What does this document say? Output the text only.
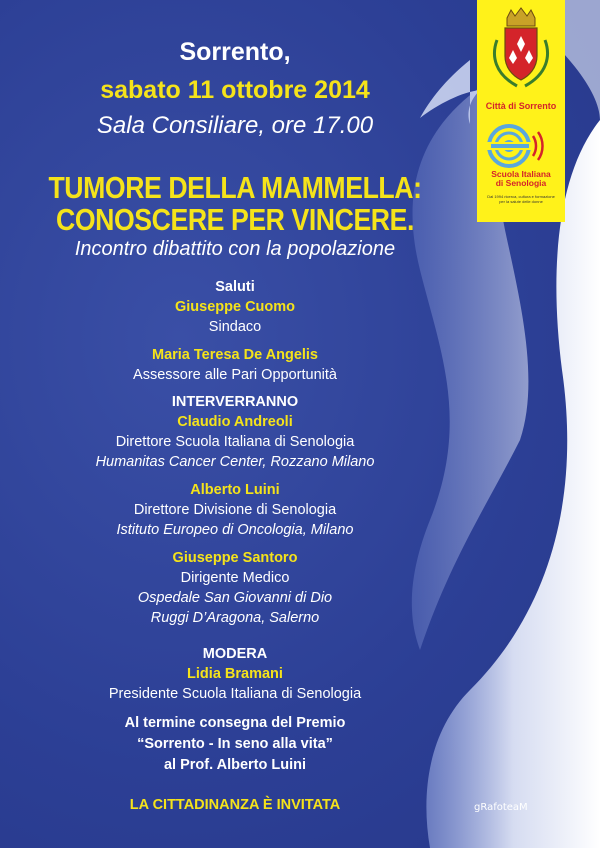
Città di Sorrento
Scuola Italiana
di Senologia
Dal 1994 ricerca, cultura e formazione
per la salute delle donne
Sorrento,
sabato 11 ottobre 2014
Sala Consiliare, ore 17.00
TUMORE DELLA MAMMELLA:
CONOSCERE PER VINCERE.
Incontro dibattito con la popolazione
Saluti
Giuseppe Cuomo
Sindaco
Maria Teresa De Angelis
Assessore alle Pari Opportunità
INTERVERRANNO
Claudio Andreoli
Direttore Scuola Italiana di Senologia
Humanitas Cancer Center, Rozzano Milano
Alberto Luini
Direttore Divisione di Senologia
Istituto Europeo di Oncologia, Milano
Giuseppe Santoro
Dirigente Medico
Ospedale San Giovanni di Dio
Ruggi D’Aragona, Salerno
MODERA
Lidia Bramani
Presidente Scuola Italiana di Senologia
Al termine consegna del Premio
“Sorrento - In seno alla vita”
al Prof. Alberto Luini
LA CITTADINANZA È INVITATA	gRafoteaM
